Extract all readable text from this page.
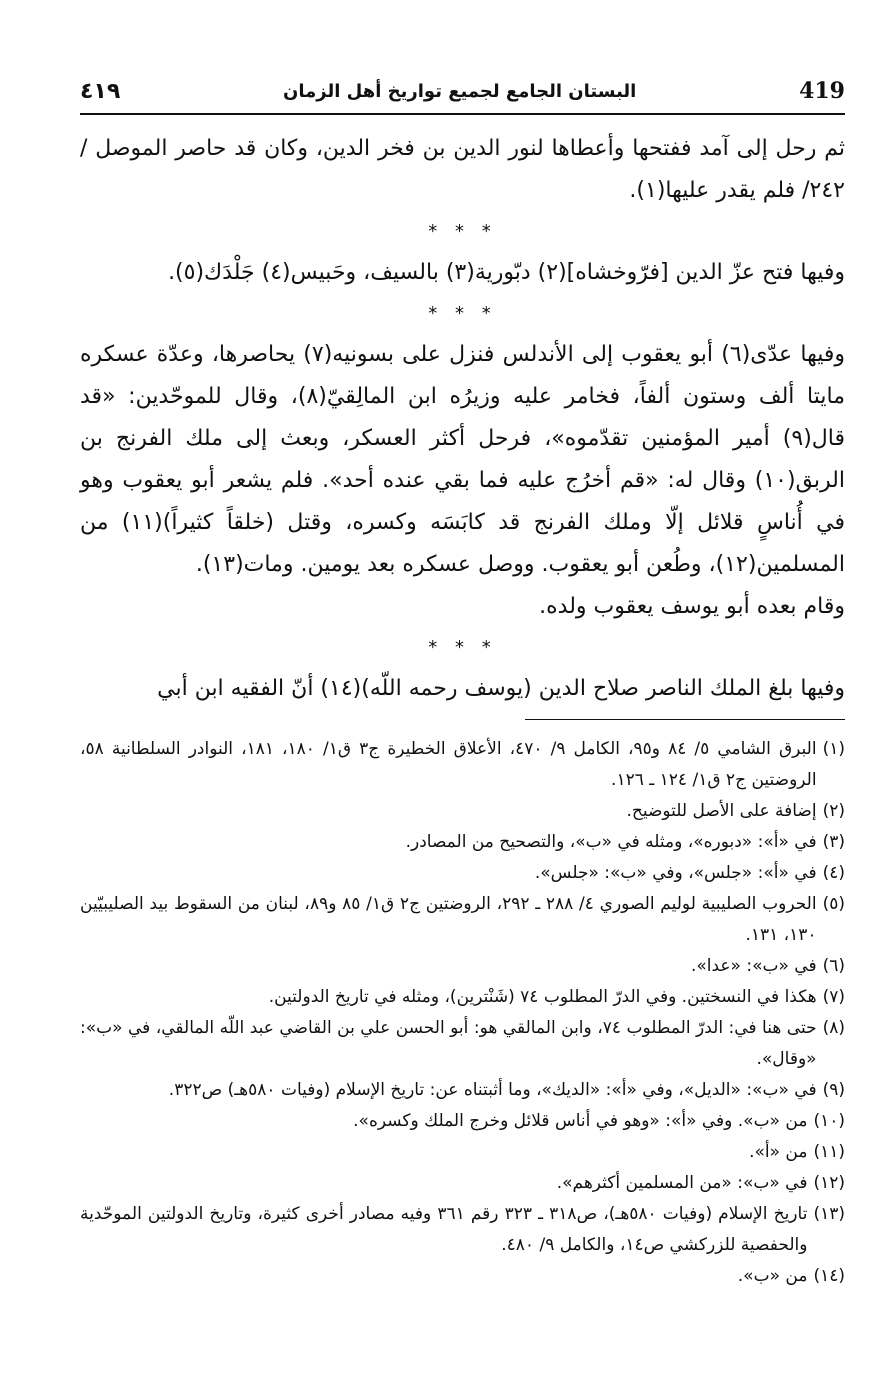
419
البستان الجامع لجميع تواريخ أهل الزمان
٤١٩

ثم رحل إلى آمد ففتحها وأعطاها لنور الدين بن فخر الدين، وكان قد حاصر الموصل / ٢٤٢/ فلم يقدر عليها(١).

* * *

وفيها فتح عزّ الدين [فرّوخشاه](٢) دبّورية(٣) بالسيف، وحَبيس(٤) جَلْدَك(٥).

* * *

وفيها عدّى(٦) أبو يعقوب إلى الأندلس فنزل على بسونيه(٧) يحاصرها، وعدّة عسكره مايتا ألف وستون ألفاً، فخامر عليه وزيرُه ابن المالِقيّ(٨)، وقال للموحّدين: «قد قال(٩) أمير المؤمنين تقدّموه»، فرحل أكثر العسكر، وبعث إلى ملك الفرنج بن الربق(١٠) وقال له: «قم أخرُج عليه فما بقي عنده أحد». فلم يشعر أبو يعقوب وهو في أُناسٍ قلائل إلّا وملك الفرنج قد كابَسَه وكسره، وقتل (خلقاً كثيراً)(١١) من المسلمين(١٢)، وطُعن أبو يعقوب. ووصل عسكره بعد يومين. ومات(١٣).

وقام بعده أبو يوسف يعقوب ولده.

* * *

وفيها بلغ الملك الناصر صلاح الدين (يوسف رحمه اللّه)(١٤) أنّ الفقيه ابن أبي

(١)
البرق الشامي ٥/ ٨٤ و٩٥، الكامل ٩/ ٤٧٠، الأعلاق الخطيرة ج٣ ق١/ ١٨٠، ١٨١، النوادر السلطانية ٥٨، الروضتين ج٢ ق١/ ١٢٤ ـ ١٢٦.
(٢)
إضافة على الأصل للتوضيح.
(٣)
في «أ»: «دبوره»، ومثله في «ب»، والتصحيح من المصادر.
(٤)
في «أ»: «جلس»، وفي «ب»: «جلس».
(٥)
الحروب الصليبية لوليم الصوري ٤/ ٢٨٨ ـ ٢٩٢، الروضتين ج٢ ق١/ ٨٥ و٨٩، لبنان من السقوط بيد الصليبيّين ١٣٠، ١٣١.
(٦)
في «ب»: «عدا».
(٧)
هكذا في النسختين. وفي الدرّ المطلوب ٧٤ (شَنْترين)، ومثله في تاريخ الدولتين.
(٨)
حتى هنا في: الدرّ المطلوب ٧٤، وابن المالقي هو: أبو الحسن علي بن القاضي عبد اللّه المالقي، في «ب»: «وقال».
(٩)
في «ب»: «الديل»، وفي «أ»: «الديك»، وما أثبتناه عن: تاريخ الإسلام (وفيات ٥٨٠هـ) ص٣٢٢.
(١٠)
من «ب». وفي «أ»: «وهو في أناس قلائل وخرج الملك وكسره».
(١١)
من «أ».
(١٢)
في «ب»: «من المسلمين أكثرهم».
(١٣)
تاريخ الإسلام (وفيات ٥٨٠هـ)، ص٣١٨ ـ ٣٢٣ رقم ٣٦١ وفيه مصادر أخرى كثيرة، وتاريخ الدولتين الموحّدية والحفصية للزركشي ص١٤، والكامل ٩/ ٤٨٠.
(١٤)
من «ب».
